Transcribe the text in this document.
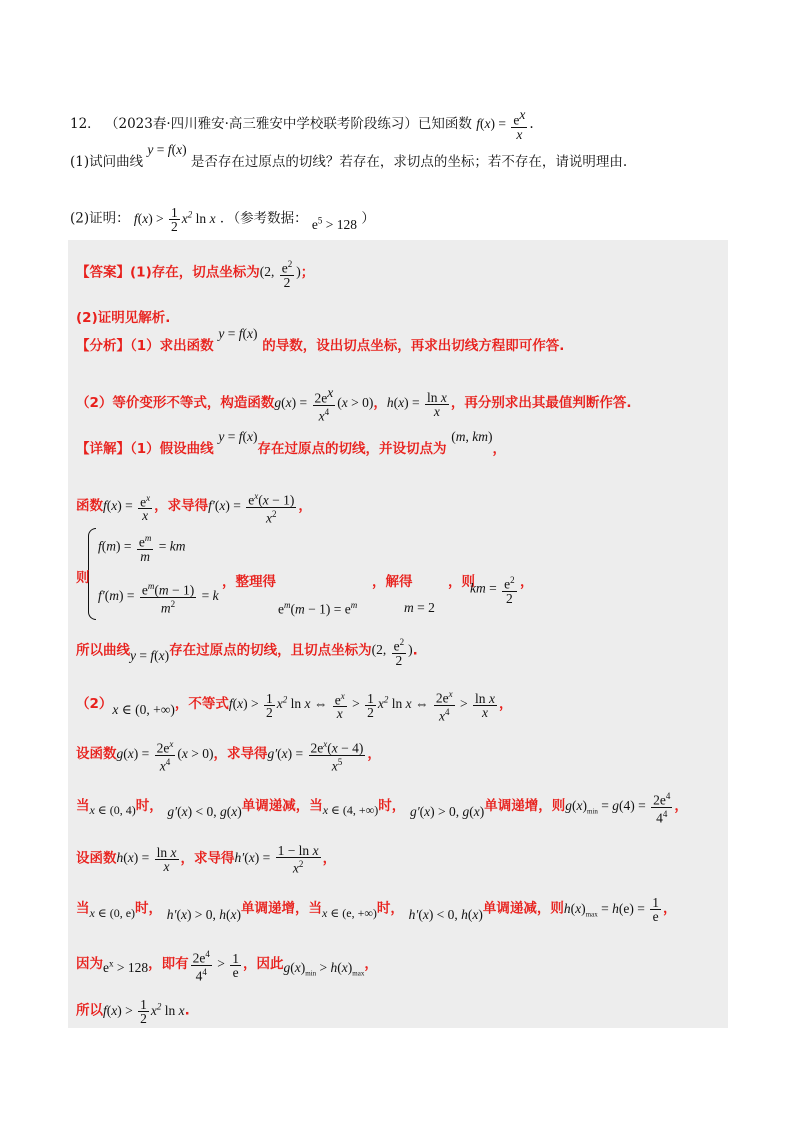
12． （2023春·四川雅安·高三雅安中学校联考阶段练习）已知函数 $f(x) = \frac{e^x}{x}$ .
(1)试问曲线 y = f(x) 是否存在过原点的切线？若存在，求切点的坐标；若不存在，请说明理由.
(2)证明： $f(x) > \frac{1}{2} x^2$ ln x ．（参考数据： $e^5 > 128$ ）
【答案】(1)存在，切点坐标为(2, $\frac{e^2}{2}$ )；
(2)证明见解析.
【分析】（1）求出函数 y = f(x) 的导数，设出切点坐标，再求出切线方程即可作答.
（2）等价变形不等式，构造函数$g(x) = \frac{2e^x}{x^4} (x > 0)$，$h(x) = \frac{\text{ln x}}{x}$ ，再分别求出其最值判断作答.
【详解】（1）假设曲线 y = f(x)存在过原点的切线，并设切点为 (m, km)，
函数$f(x) = \frac{e^x}{x}$ ，求导得$f'(x) = \frac{e^x(x - 1)}{x^2}$ ，
则
$f(m) = \frac{e^m}{m}$ = km
$f'(m) = \frac{e^m(m - 1)}{m^2} = k$
，整理得
$e^m(m - 1) = e^m$
，解得
m = 2
，则
km = $\frac{e^2}{2}$ ，
所以曲线y = f(x)存在过原点的切线，且切点坐标为(2, $\frac{e^2}{2}$ ).
（2）x ∈ (0, +∞)，不等式$f(x) > \frac{1}{2} x^2$ ln x ⇔ $\frac{e^x}{x} > \frac{1}{2} x^2$ ln x ⇔ $\frac{2e^x}{x^4} > \frac{\text{ln x}}{x}$ ，
设函数$g(x) = \frac{2e^x}{x^4} (x > 0)$，求导得$g'(x) = \frac{2e^x(x - 4)}{x^5}$ ，
当x ∈ (0, 4)时， g′(x) < 0, g(x)单调递减，当x ∈ (4, +∞)时， g′(x) > 0, g(x)单调递增，则$g(x)_{min} = g(4) = \frac{2e^4}{4^4}$ ，
设函数$h(x) = \frac{\text{ln x}}{x}$ ，求导得$h'(x) = \frac{\text{1 − ln x}}{x^2}$ ，
当x ∈ (0, e)时， h′(x) > 0, h(x)单调递增，当x ∈ (e, +∞)时， h′(x) < 0, h(x)单调递减，则$h(x)_{max} = h(e) = \frac{1}{e}$ ，
因为$e^x > 128$，即有 $\frac{2e^4}{4^4} > \frac{1}{e}$ ，因此$g(x)_{min} > h(x)_{max}$，
所以$f(x) > \frac{1}{2} x^2$ ln x.
